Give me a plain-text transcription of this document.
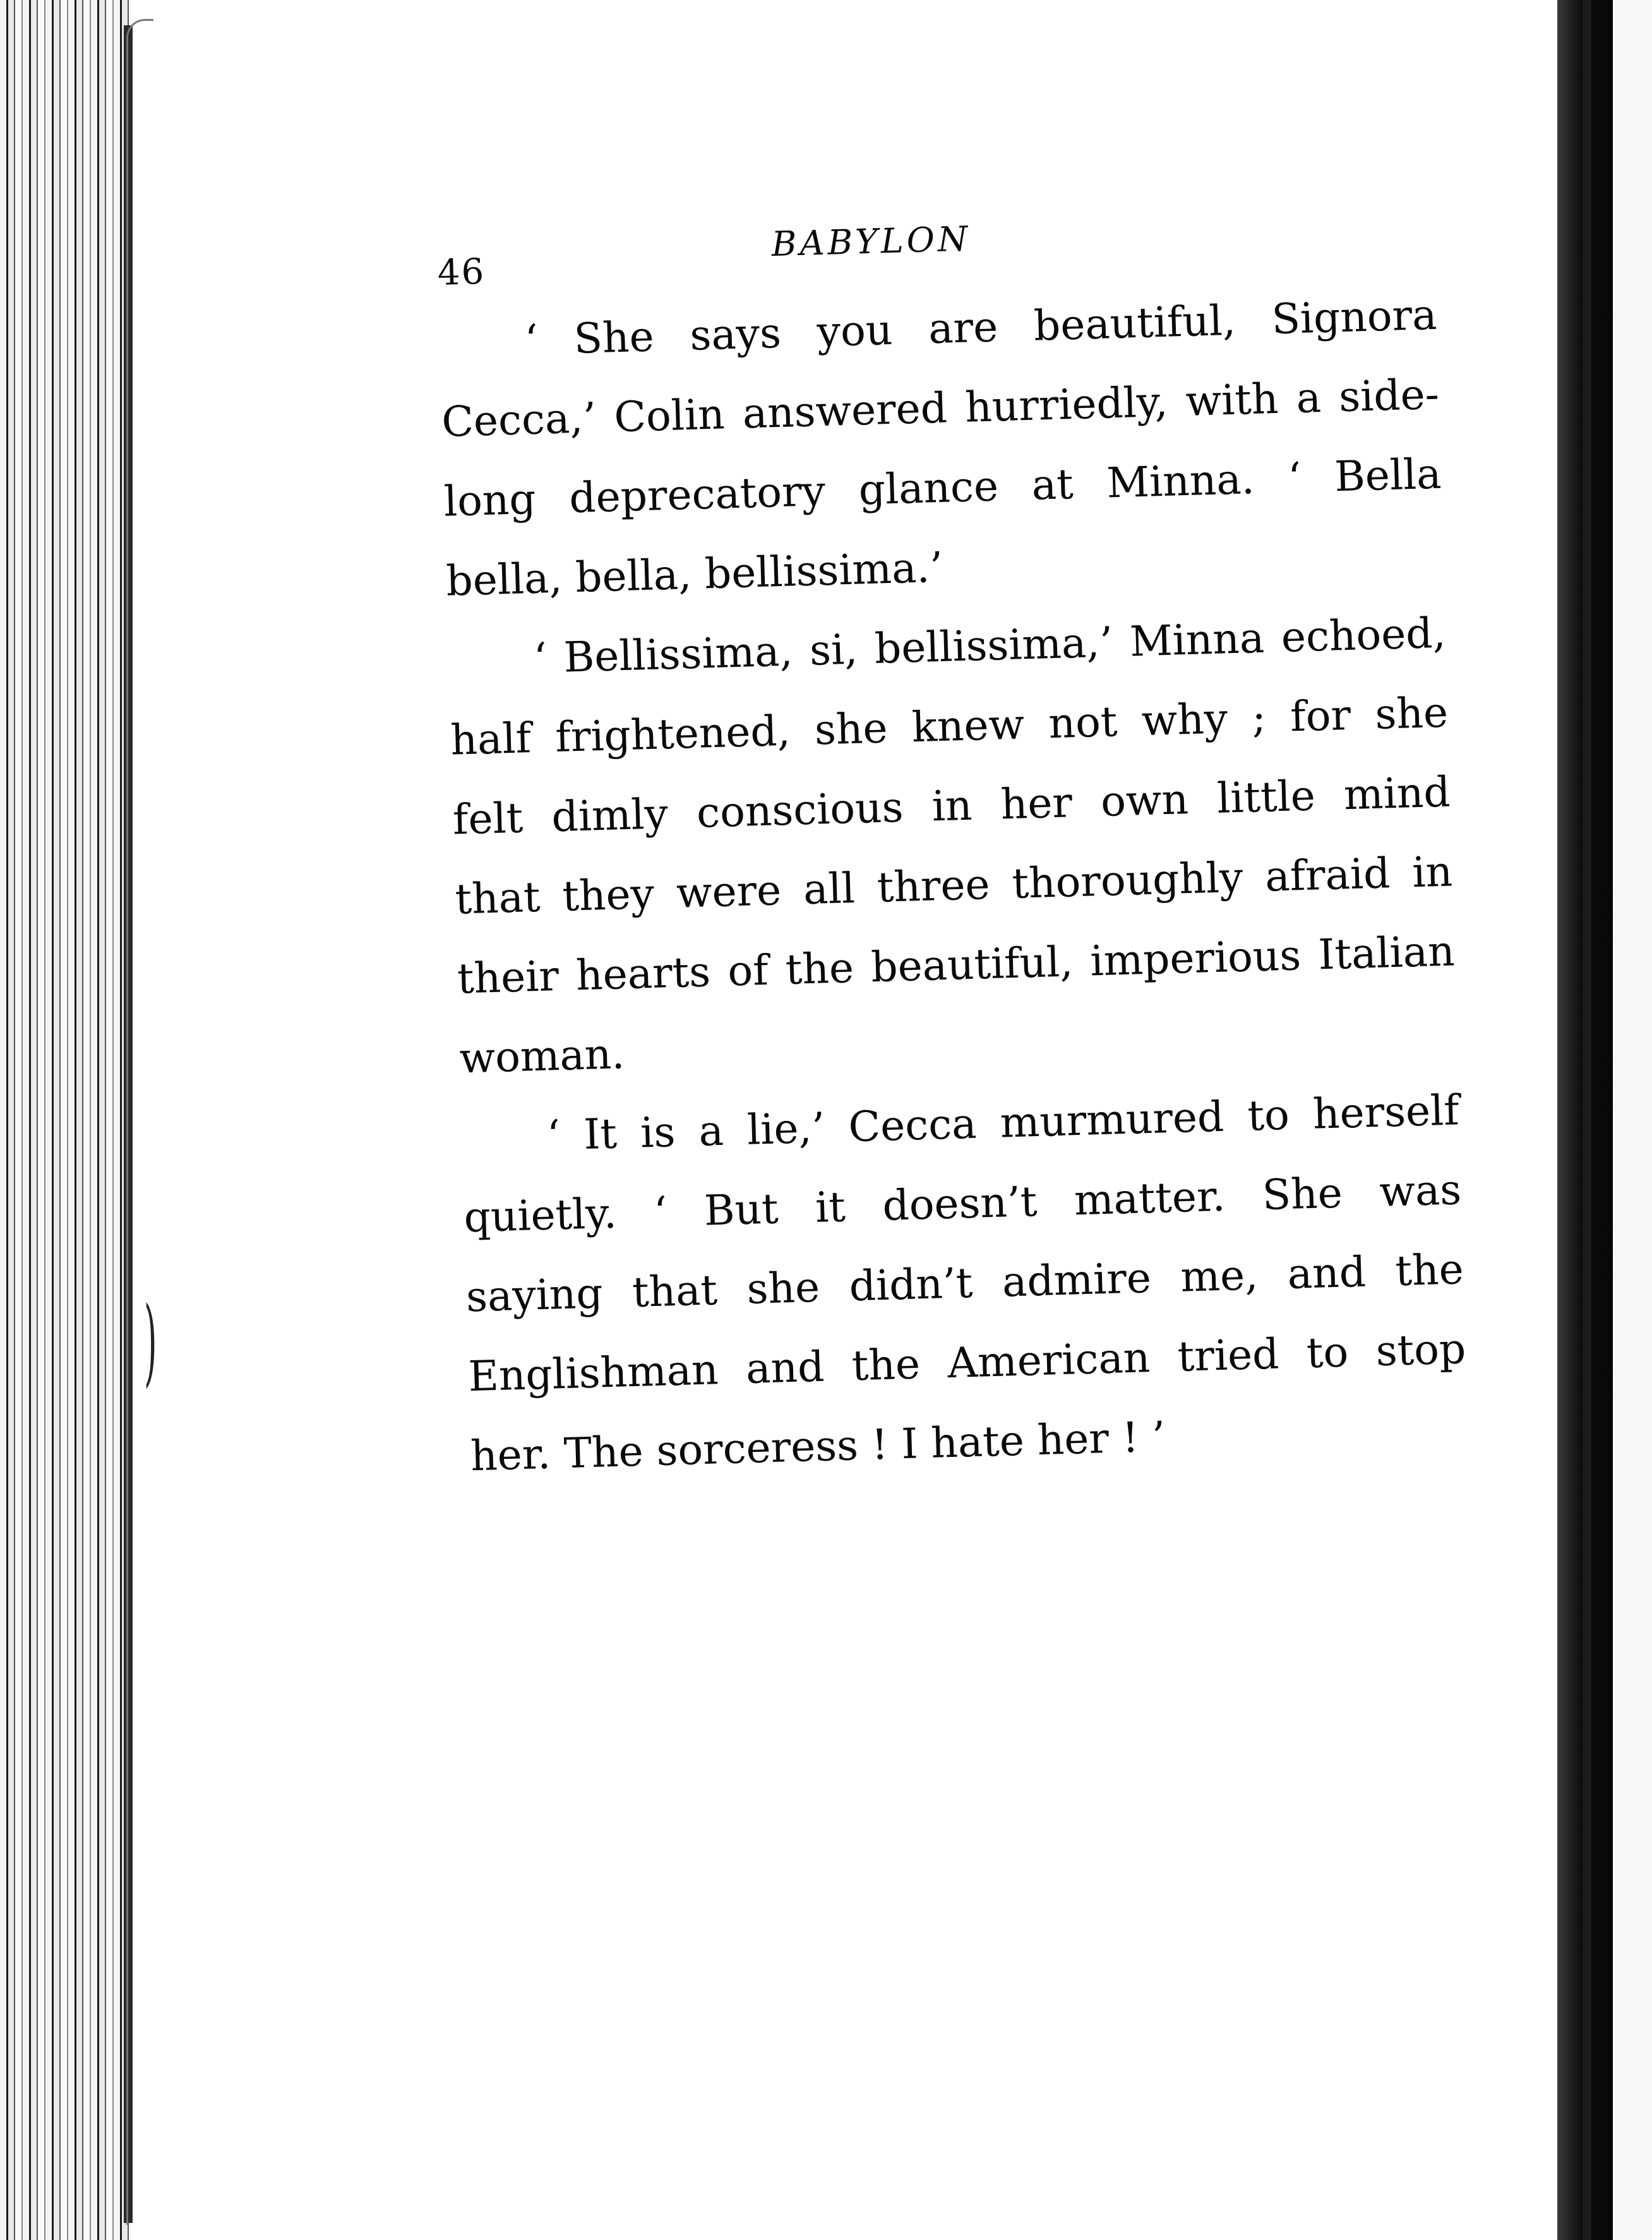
)
46
BABYLON
‘ She says you are beautiful, Signora
Cecca,’ Colin answered hurriedly, with a side-
long deprecatory glance at Minna. ‘ Bella
bella, bella, bellissima.’
‘ Bellissima, si, bellissima,’ Minna echoed,
half frightened, she knew not why ; for she
felt dimly conscious in her own little mind
that they were all three thoroughly afraid in
their hearts of the beautiful, imperious Italian
woman.
‘ It is a lie,’ Cecca murmured to herself
quietly. ‘ But it doesn’t matter. She was
saying that she didn’t admire me, and the
Englishman and the American tried to stop
her. The sorceress ! I hate her ! ’
